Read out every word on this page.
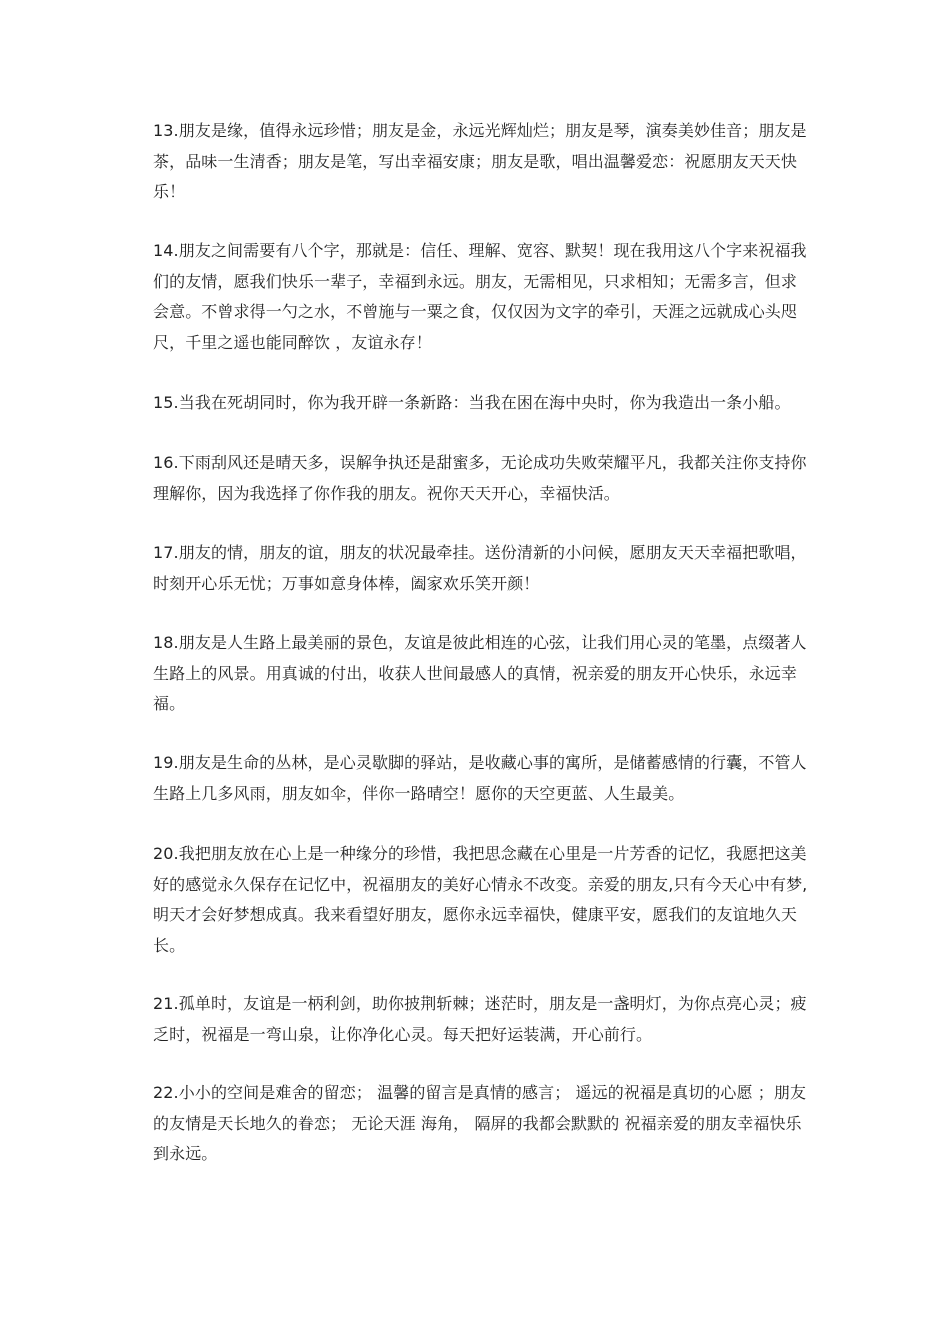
13.朋友是缘，值得永远珍惜；朋友是金，永远光辉灿烂；朋友是琴，演奏美妙佳音；朋友是茶，品味一生清香；朋友是笔，写出幸福安康；朋友是歌，唱出温馨爱恋：祝愿朋友天天快乐！

14.朋友之间需要有八个字，那就是：信任、理解、宽容、默契！现在我用这八个字来祝福我们的友情，愿我们快乐一辈子，幸福到永远。朋友，无需相见，只求相知；无需多言，但求会意。不曾求得一勺之水，不曾施与一粟之食，仅仅因为文字的牵引，天涯之远就成心头咫尺，千里之遥也能同醉饮 ，友谊永存！

15.当我在死胡同时，你为我开辟一条新路：当我在困在海中央时，你为我造出一条小船。

16.下雨刮风还是晴天多，误解争执还是甜蜜多，无论成功失败荣耀平凡，我都关注你支持你理解你，因为我选择了你作我的朋友。祝你天天开心，幸福快活。

17.朋友的情，朋友的谊，朋友的状况最牵挂。送份清新的小问候，愿朋友天天幸福把歌唱，时刻开心乐无忧；万事如意身体棒，阖家欢乐笑开颜！

18.朋友是人生路上最美丽的景色，友谊是彼此相连的心弦，让我们用心灵的笔墨，点缀著人生路上的风景。用真诚的付出，收获人世间最感人的真情，祝亲爱的朋友开心快乐，永远幸福。

19.朋友是生命的丛林，是心灵歇脚的驿站，是收藏心事的寓所，是储蓄感情的行囊，不管人生路上几多风雨，朋友如伞，伴你一路晴空！愿你的天空更蓝、人生最美。

20.我把朋友放在心上是一种缘分的珍惜，我把思念藏在心里是一片芳香的记忆，我愿把这美好的感觉永久保存在记忆中，祝福朋友的美好心情永不改变。亲爱的朋友,只有今天心中有梦,明天才会好梦想成真。我来看望好朋友，愿你永远幸福快，健康平安，愿我们的友谊地久天长。

21.孤单时，友谊是一柄利剑，助你披荆斩棘；迷茫时，朋友是一盏明灯，为你点亮心灵；疲乏时，祝福是一弯山泉，让你净化心灵。每天把好运装满，开心前行。

22.小小的空间是难舍的留恋； 温馨的留言是真情的感言； 遥远的祝福是真切的心愿 ；朋友的友情是天长地久的眷恋； 无论天涯 海角， 隔屏的我都会默默的 祝福亲爱的朋友幸福快乐到永远。
